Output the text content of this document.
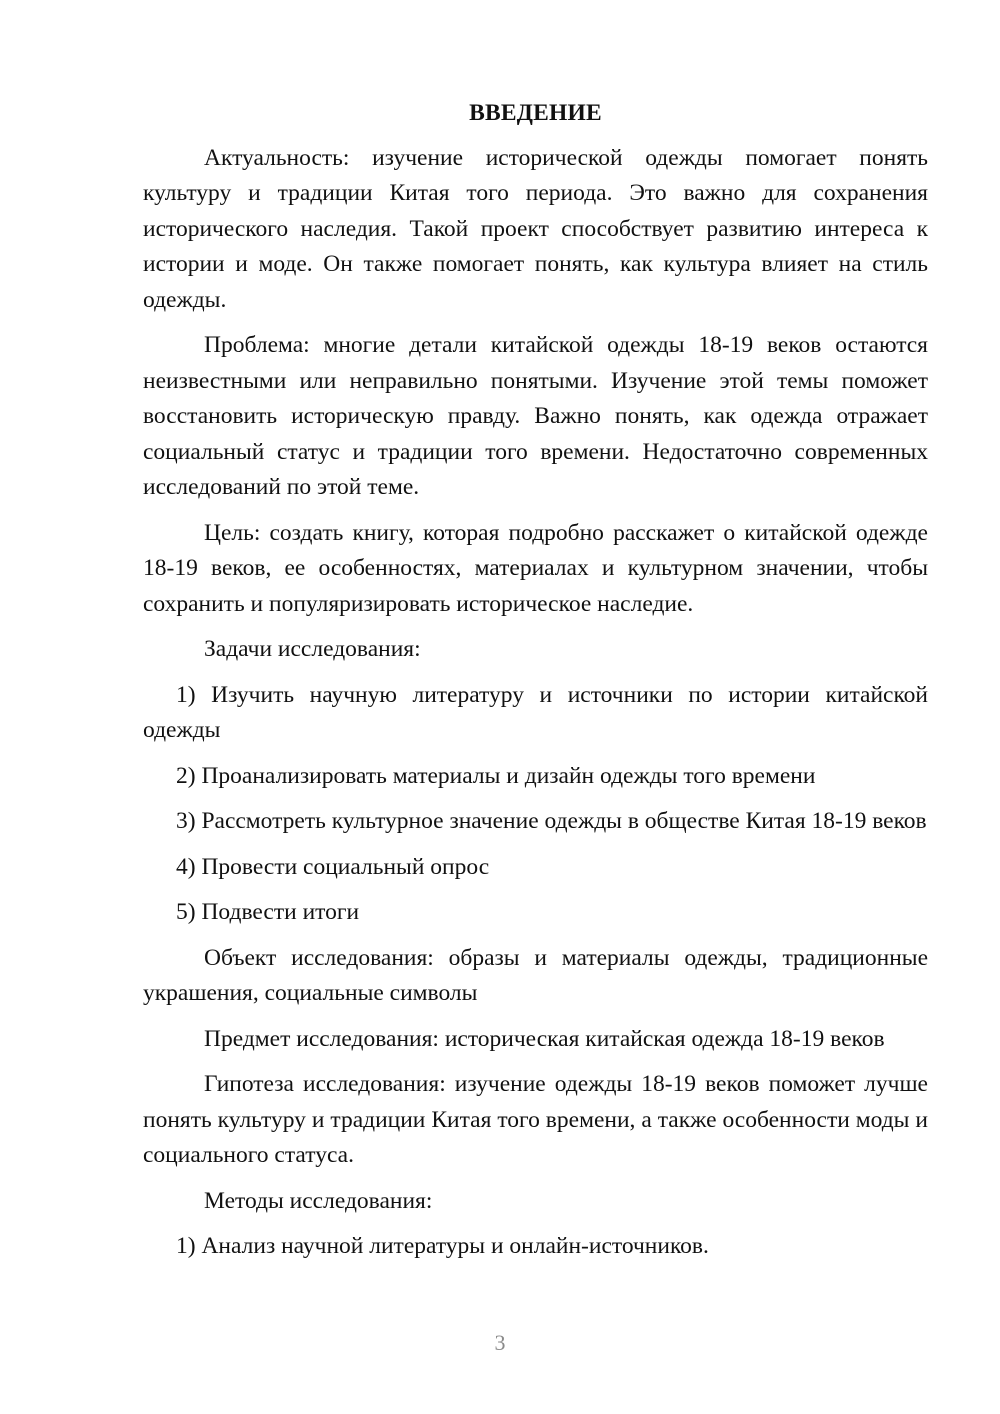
ВВЕДЕНИЕ

Актуальность: изучение исторической одежды помогает понять культуру и традиции Китая того периода. Это важно для сохранения исторического наследия. Такой проект способствует развитию интереса к истории и моде. Он также помогает понять, как культура влияет на стиль одежды.

Проблема: многие детали китайской одежды 18-19 веков остаются неизвестными или неправильно понятыми. Изучение этой темы поможет восстановить историческую правду. Важно понять, как одежда отражает социальный статус и традиции того времени. Недостаточно современных исследований по этой теме.

Цель: создать книгу, которая подробно расскажет о китайской одежде 18-19 веков, ее особенностях, материалах и культурном значении, чтобы сохранить и популяризировать историческое наследие.

Задачи исследования:

1) Изучить научную литературу и источники по истории китайской одежды

2) Проанализировать материалы и дизайн одежды того времени

3) Рассмотреть культурное значение одежды в обществе Китая 18-19 веков

4) Провести социальный опрос

5) Подвести итоги

Объект исследования: образы и материалы одежды, традиционные украшения, социальные символы

Предмет исследования: историческая китайская одежда 18-19 веков

Гипотеза исследования: изучение одежды 18-19 веков поможет лучше понять культуру и традиции Китая того времени, а также особенности моды и социального статуса.

Методы исследования:

1) Анализ научной литературы и онлайн-источников.

3
